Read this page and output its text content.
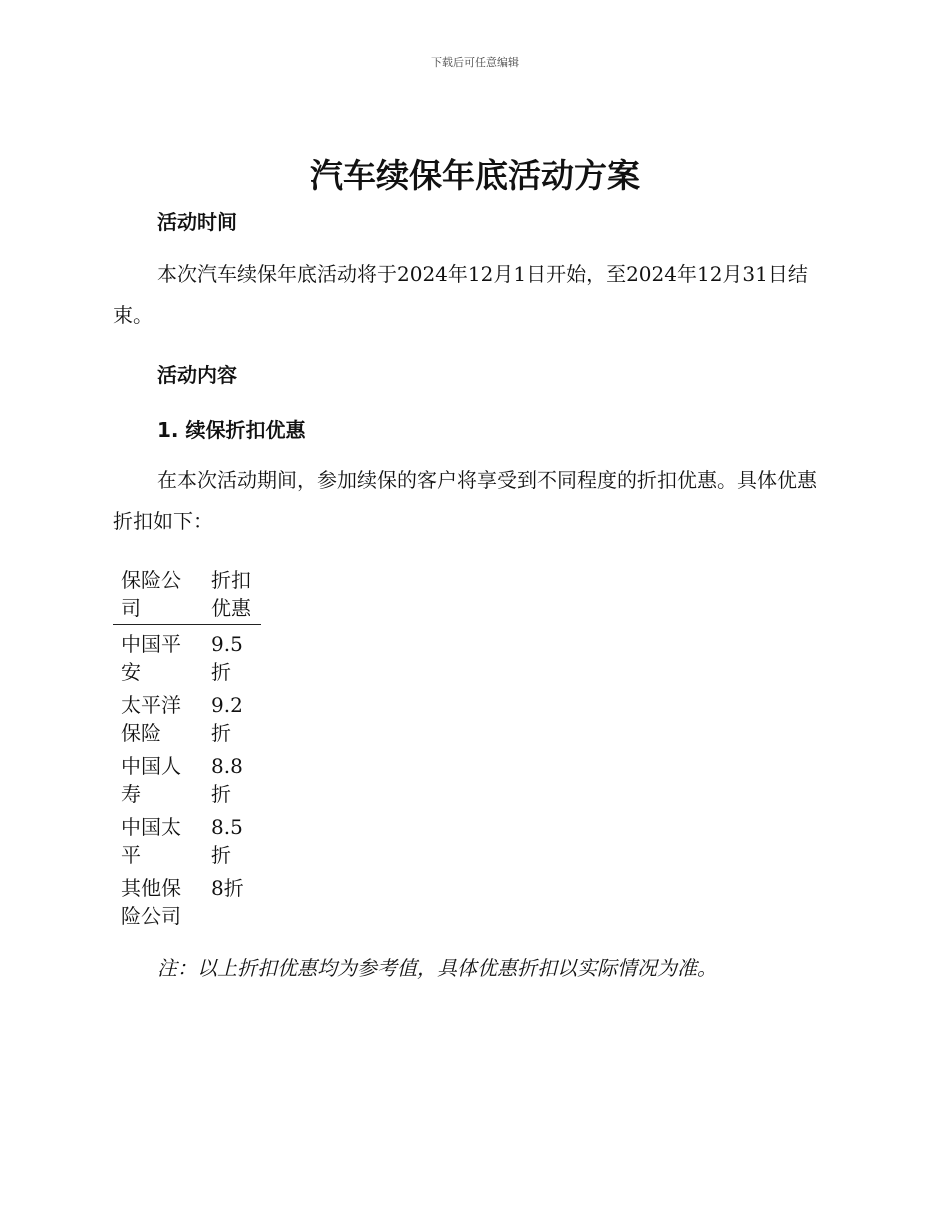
下载后可任意编辑
汽车续保年底活动方案
活动时间

本次汽车续保年底活动将于2024年12月1日开始，至2024年12月31日结束。

活动内容
1. 续保折扣优惠

在本次活动期间，参加续保的客户将享受到不同程度的折扣优惠。具体优惠折扣如下：

保险公司	折扣优惠
中国平安	9.5折
太平洋保险	9.2折
中国人寿	8.8折
中国太平	8.5折
其他保险公司	8折

注：以上折扣优惠均为参考值，具体优惠折扣以实际情况为准。
